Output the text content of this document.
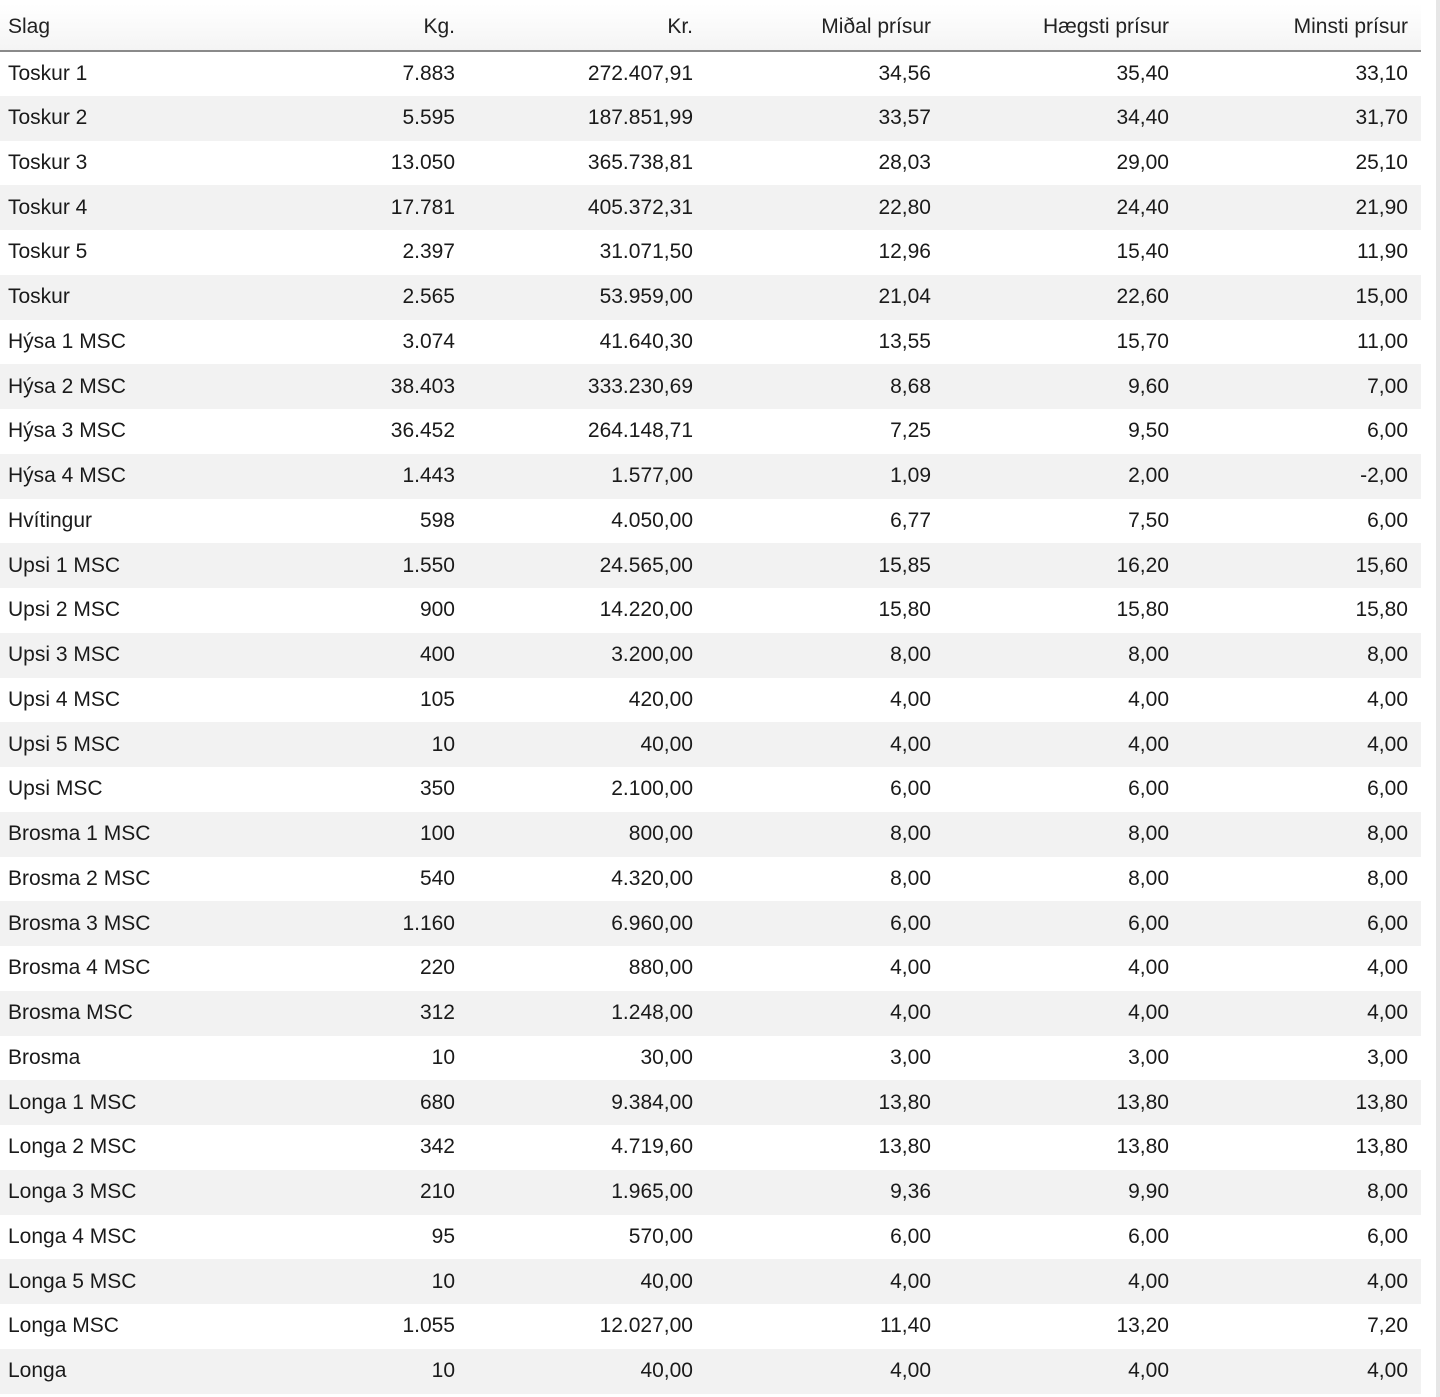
Slag	Kg.	Kr.	Miðal prísur	Hægsti prísur	Minsti prísur
Toskur 1	7.883	272.407,91	34,56	35,40	33,10
Toskur 2	5.595	187.851,99	33,57	34,40	31,70
Toskur 3	13.050	365.738,81	28,03	29,00	25,10
Toskur 4	17.781	405.372,31	22,80	24,40	21,90
Toskur 5	2.397	31.071,50	12,96	15,40	11,90
Toskur	2.565	53.959,00	21,04	22,60	15,00
Hýsa 1 MSC	3.074	41.640,30	13,55	15,70	11,00
Hýsa 2 MSC	38.403	333.230,69	8,68	9,60	7,00
Hýsa 3 MSC	36.452	264.148,71	7,25	9,50	6,00
Hýsa 4 MSC	1.443	1.577,00	1,09	2,00	-2,00
Hvítingur	598	4.050,00	6,77	7,50	6,00
Upsi 1 MSC	1.550	24.565,00	15,85	16,20	15,60
Upsi 2 MSC	900	14.220,00	15,80	15,80	15,80
Upsi 3 MSC	400	3.200,00	8,00	8,00	8,00
Upsi 4 MSC	105	420,00	4,00	4,00	4,00
Upsi 5 MSC	10	40,00	4,00	4,00	4,00
Upsi MSC	350	2.100,00	6,00	6,00	6,00
Brosma 1 MSC	100	800,00	8,00	8,00	8,00
Brosma 2 MSC	540	4.320,00	8,00	8,00	8,00
Brosma 3 MSC	1.160	6.960,00	6,00	6,00	6,00
Brosma 4 MSC	220	880,00	4,00	4,00	4,00
Brosma MSC	312	1.248,00	4,00	4,00	4,00
Brosma	10	30,00	3,00	3,00	3,00
Longa 1 MSC	680	9.384,00	13,80	13,80	13,80
Longa 2 MSC	342	4.719,60	13,80	13,80	13,80
Longa 3 MSC	210	1.965,00	9,36	9,90	8,00
Longa 4 MSC	95	570,00	6,00	6,00	6,00
Longa 5 MSC	10	40,00	4,00	4,00	4,00
Longa MSC	1.055	12.027,00	11,40	13,20	7,20
Longa	10	40,00	4,00	4,00	4,00
